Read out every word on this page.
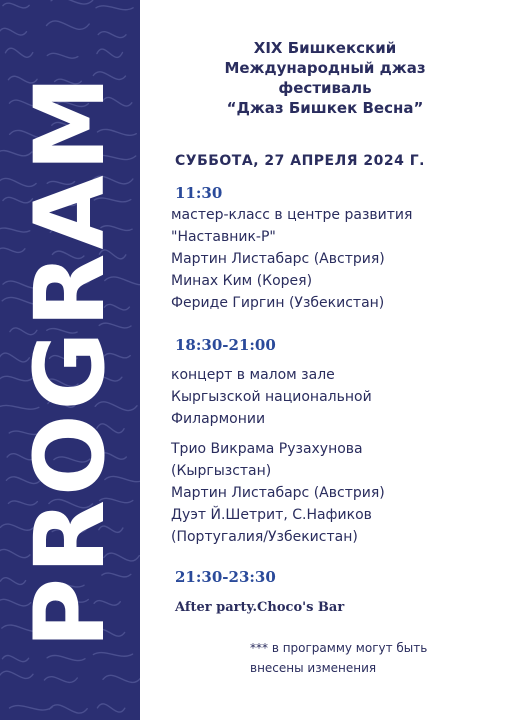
PROGRAM
XIX Бишкекский
Международный джаз
фестиваль
“Джаз Бишкек Весна”
СУББОТА, 27 АПРЕЛЯ 2024 Г.
11:30
мастер-класс в центре развития
"Наставник-Р"
Мартин Листабарс (Австрия)
Минах Ким (Корея)
Фериде Гиргин (Узбекистан)
18:30-21:00
концерт в малом зале
Кыргызской национальной
Филармонии
Трио Викрама Рузахунова
(Кыргызстан)
Мартин Листабарс (Австрия)
Дуэт Й.Шетрит, С.Нафиков
(Португалия/Узбекистан)
21:30-23:30
After party.Choco's Bar
*** в программу могут быть
внесены изменения
